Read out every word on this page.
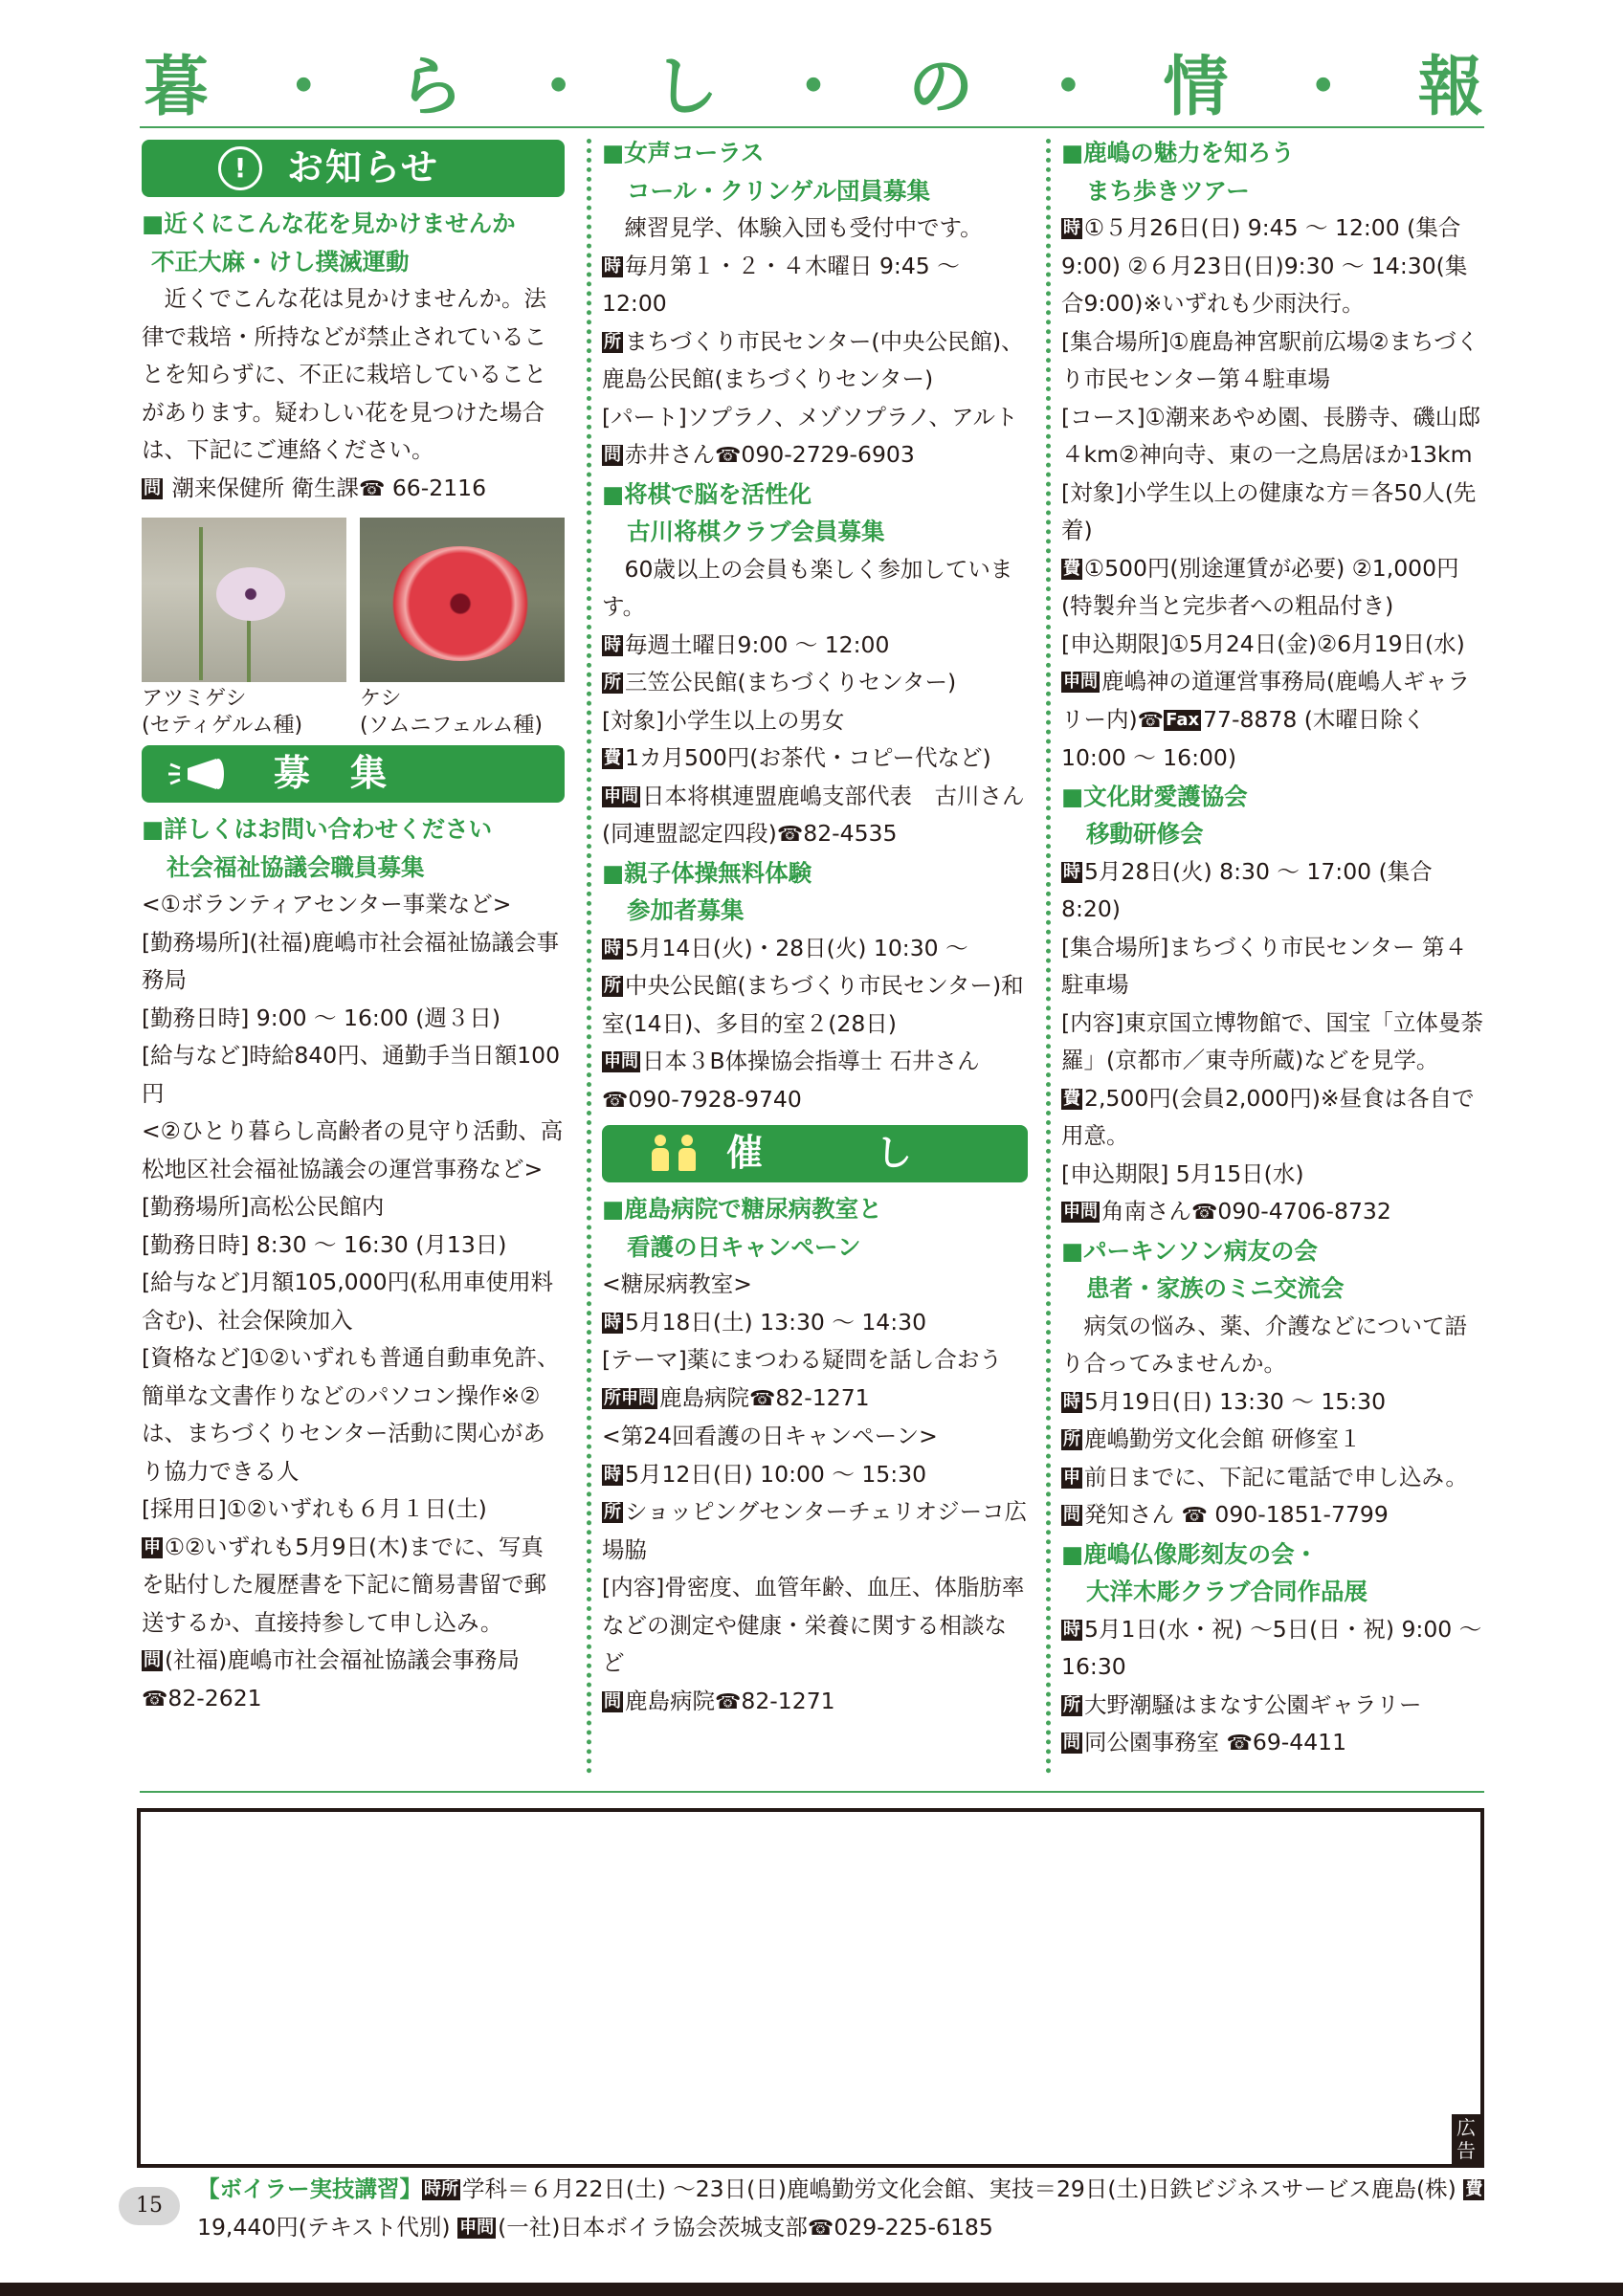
暮 ・ ら ・ し ・ の ・ 情 ・ 報
!	お知らせ
■近くにこんな花を見かけませんか
不正大麻・けし撲滅運動

近くでこんな花は見かけませんか。法律で栽培・所持などが禁止されていることを知らずに、不正に栽培していることがあります。疑わしい花を見つけた場合は、下記にご連絡ください。

問 潮来保健所 衛生課☎ 66-2116

アツミゲシ
(セティゲルム種)
ケシ
(ソムニフェルム種)
募　集
■詳しくはお問い合わせください
社会福祉協議会職員募集

<①ボランティアセンター事業など>

[勤務場所](社福)鹿嶋市社会福祉協議会事務局

[勤務日時] 9:00 ～ 16:00 (週３日)

[給与など]時給840円、通勤手当日額100円

<②ひとり暮らし高齢者の見守り活動、高松地区社会福祉協議会の運営事務など>

[勤務場所]高松公民館内

[勤務日時] 8:30 ～ 16:30 (月13日)

[給与など]月額105,000円(私用車使用料含む)、社会保険加入

[資格など]①②いずれも普通自動車免許、簡単な文書作りなどのパソコン操作※②は、まちづくりセンター活動に関心があり協力できる人

[採用日]①②いずれも６月１日(土)

申 ①②いずれも5月9日(木)までに、写真を貼付した履歴書を下記に簡易書留で郵送するか、直接持参して申し込み。

問 (社福)鹿嶋市社会福祉協議会事務局

☎82-2621

■女声コーラス
コール・クリンゲル団員募集

練習見学、体験入団も受付中です。

時 毎月第１・２・４木曜日 9:45 ～ 12:00

所 まちづくり市民センター(中央公民館)、鹿島公民館(まちづくりセンター)

[パート]ソプラノ、メゾソプラノ、アルト

問 赤井さん☎090-2729-6903

■将棋で脳を活性化
古川将棋クラブ会員募集

60歳以上の会員も楽しく参加しています。

時 毎週土曜日9:00 ～ 12:00

所 三笠公民館(まちづくりセンター)

[対象]小学生以上の男女

費 1カ月500円(お茶代・コピー代など)

申問 日本将棋連盟鹿嶋支部代表　古川さん(同連盟認定四段)☎82-4535

■親子体操無料体験
参加者募集

時 5月14日(火)・28日(火) 10:30 ～

所 中央公民館(まちづくり市民センター)和室(14日)、多目的室２(28日)

申問 日本３B体操協会指導士 石井さん

☎090-7928-9740

催　し
■鹿島病院で糖尿病教室と
看護の日キャンペーン

<糖尿病教室>

時 5月18日(土) 13:30 ～ 14:30

[テーマ]薬にまつわる疑問を話し合おう

所申問 鹿島病院☎82-1271

<第24回看護の日キャンペーン>

時 5月12日(日) 10:00 ～ 15:30

所 ショッピングセンターチェリオジーコ広場脇

[内容]骨密度、血管年齢、血圧、体脂肪率などの測定や健康・栄養に関する相談など

問 鹿島病院☎82-1271

■鹿嶋の魅力を知ろう
まち歩きツアー

時 ①５月26日(日) 9:45 ～ 12:00 (集合9:00) ②６月23日(日)9:30 ～ 14:30(集合9:00)※いずれも少雨決行。

[集合場所]①鹿島神宮駅前広場②まちづくり市民センター第４駐車場

[コース]①潮来あやめ園、長勝寺、磯山邸４km②神向寺、東の一之鳥居ほか13km

[対象]小学生以上の健康な方＝各50人(先着)

費 ①500円(別途運賃が必要) ②1,000円(特製弁当と完歩者への粗品付き)

[申込期限]①5月24日(金)②6月19日(水)

申問 鹿嶋神の道運営事務局(鹿嶋人ギャラリー内)☎ Fax 77-8878 (木曜日除く10:00 ～ 16:00)

■文化財愛護協会
移動研修会

時 5月28日(火) 8:30 ～ 17:00 (集合8:20)

[集合場所]まちづくり市民センター 第４駐車場

[内容]東京国立博物館で、国宝「立体曼荼羅」(京都市／東寺所蔵)などを見学。

費 2,500円(会員2,000円)※昼食は各自で用意。

[申込期限] 5月15日(水)

申問 角南さん☎090-4706-8732

■パーキンソン病友の会
患者・家族のミニ交流会

病気の悩み、薬、介護などについて語り合ってみませんか。

時 5月19日(日) 13:30 ～ 15:30

所 鹿嶋勤労文化会館 研修室１

申 前日までに、下記に電話で申し込み。

問 発知さん ☎ 090-1851-7799

■鹿嶋仏像彫刻友の会・
大洋木彫クラブ合同作品展

時 5月1日(水・祝) ～5日(日・祝) 9:00 ～ 16:30

所 大野潮騒はまなす公園ギャラリー

問 同公園事務室 ☎69-4411

広告
15
【ボイラー実技講習】 時所 学科＝６月22日(土) ～23日(日)鹿嶋勤労文化会館、実技＝29日(土)日鉄ビジネスサービス鹿島(株) 費19,440円(テキスト代別) 申問 (一社)日本ボイラ協会茨城支部☎029-225-6185
